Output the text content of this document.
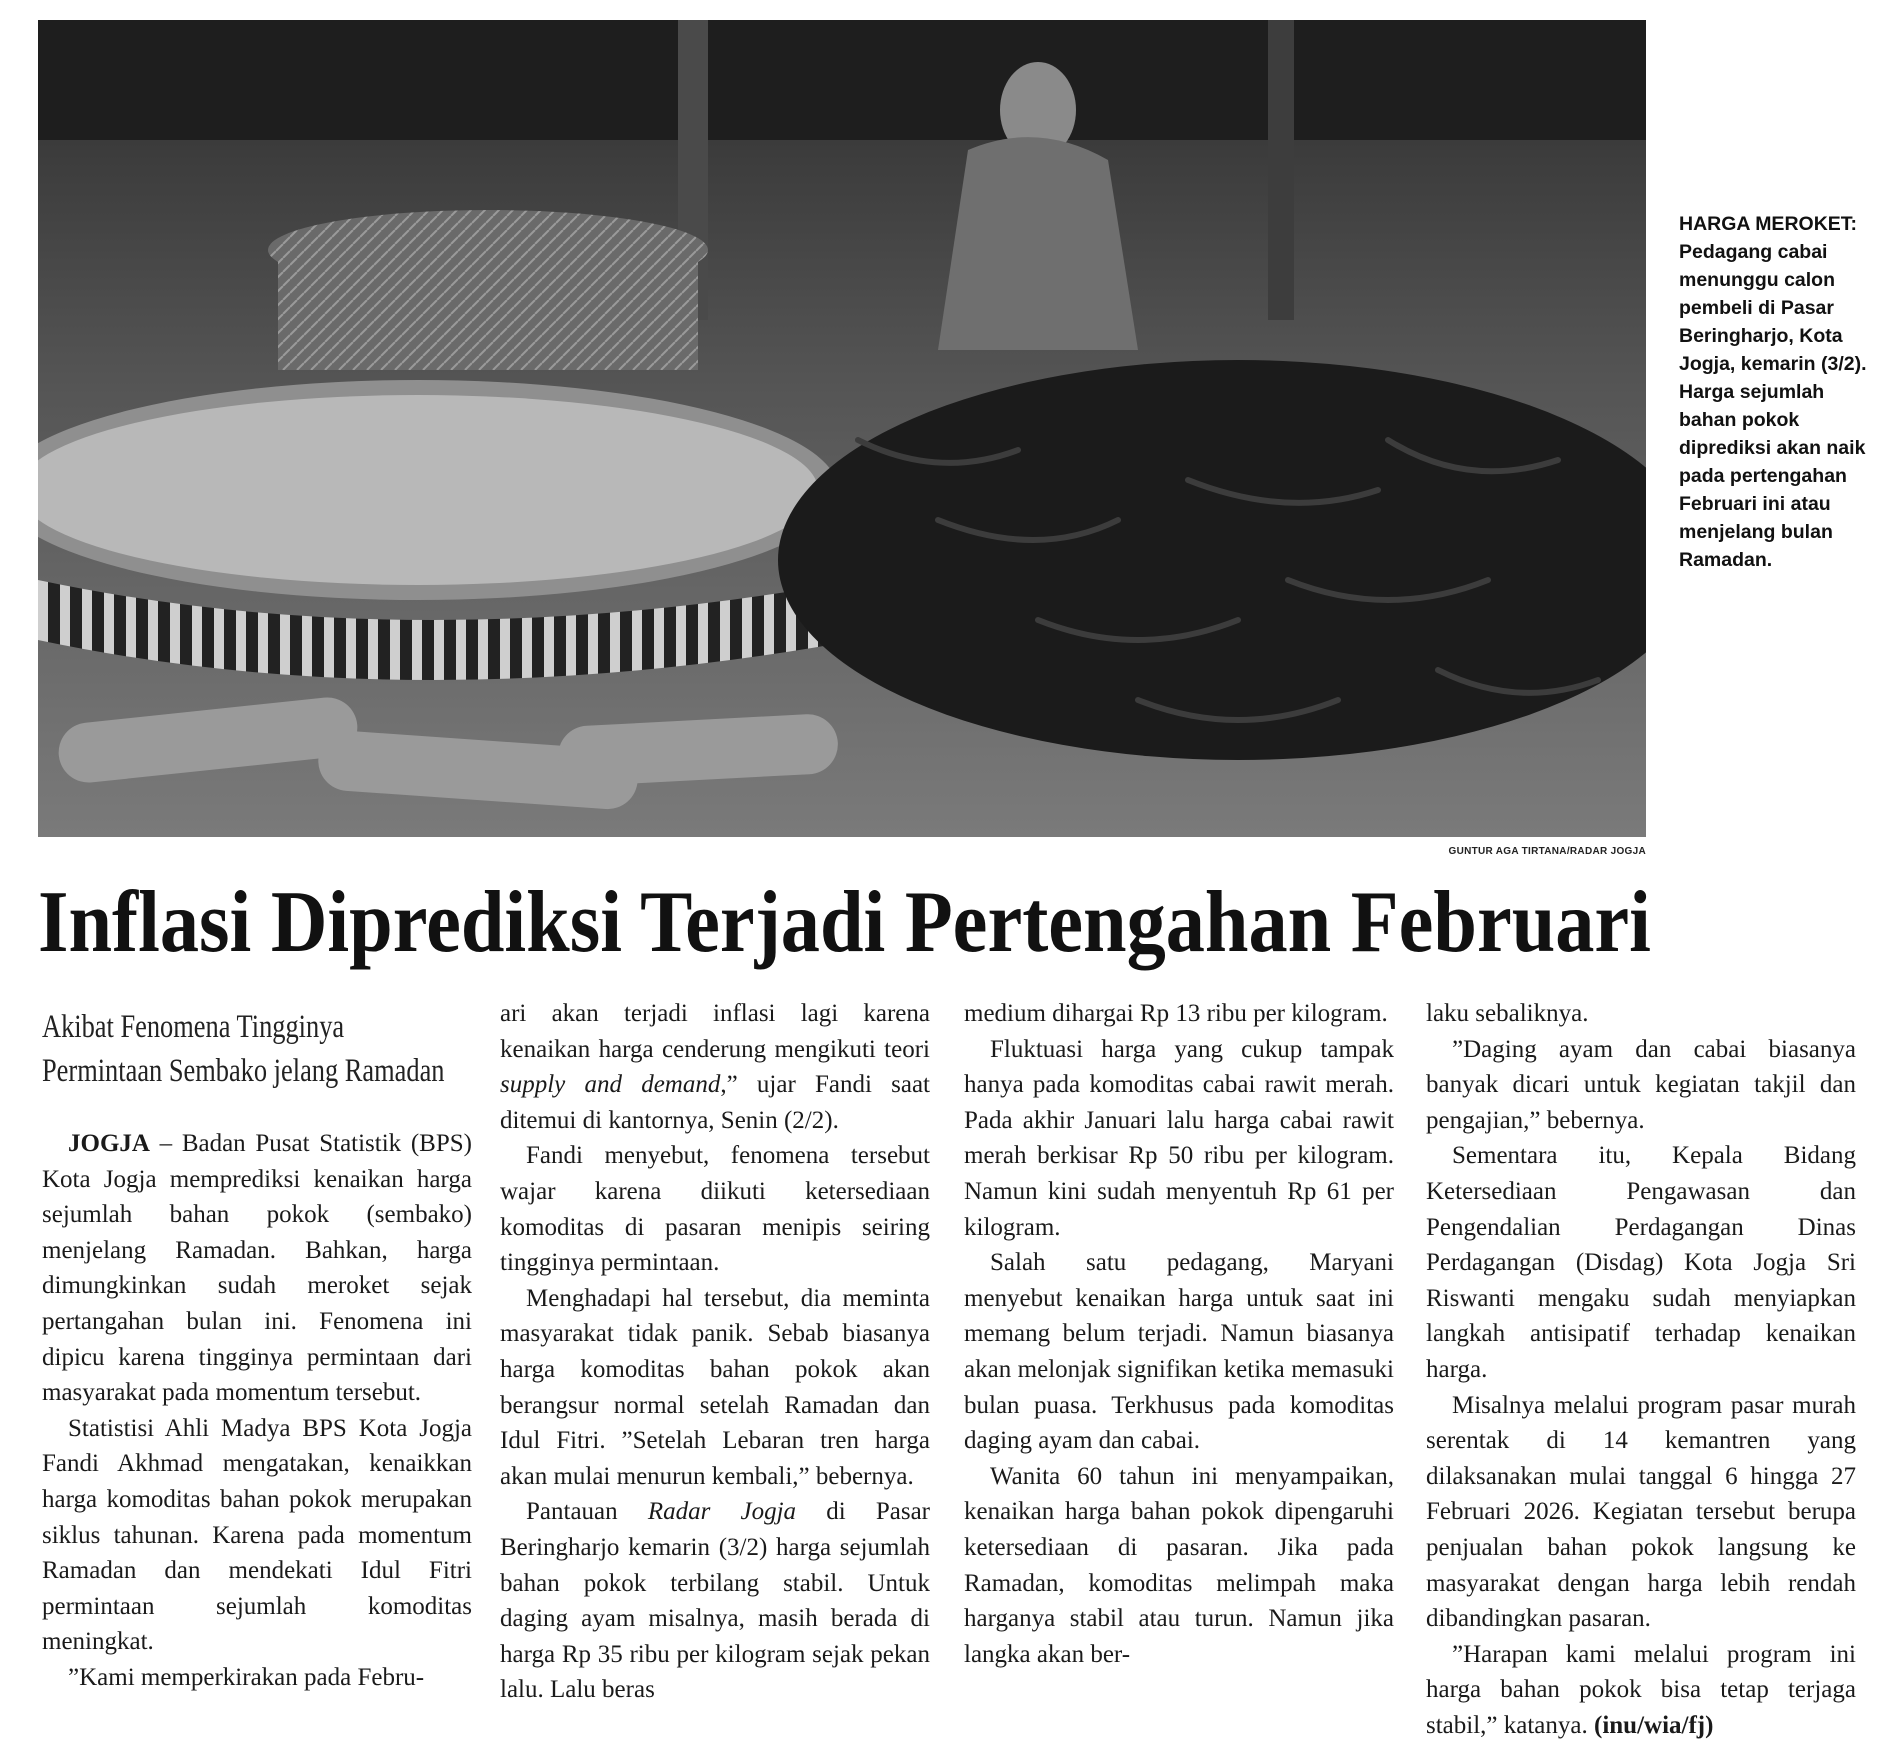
HARGA MEROKET:
Pedagang cabai menunggu calon pembeli di Pasar Beringharjo, Kota Jogja, kemarin (3/2). Harga sejumlah bahan pokok diprediksi akan naik pada pertengahan Februari ini atau menjelang bulan Ramadan.
GUNTUR AGA TIRTANA/RADAR JOGJA
Inflasi Diprediksi Terjadi Pertengahan Februari
Akibat Fenomena Tingginya
Permintaan Sembako jelang Ramadan

JOGJA – Badan Pusat Statistik (BPS) Kota Jogja memprediksi kenaikan harga sejumlah bahan pokok (sembako) menjelang Ramadan. Bahkan, harga dimungkinkan sudah meroket sejak pertangahan bulan ini. Fenomena ini dipicu karena tingginya permintaan dari masyarakat pada momentum tersebut.

Statistisi Ahli Madya BPS Kota Jogja Fandi Akhmad mengatakan, kenaikkan harga komoditas bahan pokok merupakan siklus tahunan. Karena pada momentum Ramadan dan mendekati Idul Fitri permintaan sejumlah komoditas meningkat.

”Kami memperkirakan pada Febru-

ari akan terjadi inflasi lagi karena kenaikan harga cenderung mengikuti teori supply and demand,” ujar Fandi saat ditemui di kantornya, Senin (2/2).

Fandi menyebut, fenomena tersebut wajar karena diikuti ketersediaan komoditas di pasaran menipis seiring tingginya permintaan.

Menghadapi hal tersebut, dia meminta masyarakat tidak panik. Sebab biasanya harga komoditas bahan pokok akan berangsur normal setelah Ramadan dan Idul Fitri. ”Setelah Lebaran tren harga akan mulai menurun kembali,” bebernya.

Pantauan Radar Jogja di Pasar Beringharjo kemarin (3/2) harga sejumlah bahan pokok terbilang stabil. Untuk daging ayam misalnya, masih berada di harga Rp 35 ribu per kilogram sejak pekan lalu. Lalu beras

medium dihargai Rp 13 ribu per kilogram.

Fluktuasi harga yang cukup tampak hanya pada komoditas cabai rawit merah. Pada akhir Januari lalu harga cabai rawit merah berkisar Rp 50 ribu per kilogram. Namun kini sudah menyentuh Rp 61 per kilogram.

Salah satu pedagang, Maryani menyebut kenaikan harga untuk saat ini memang belum terjadi. Namun biasanya akan melonjak signifikan ketika memasuki bulan puasa. Terkhusus pada komoditas daging ayam dan cabai.

Wanita 60 tahun ini menyampaikan, kenaikan harga bahan pokok dipengaruhi ketersediaan di pasaran. Jika pada Ramadan, komoditas melimpah maka harganya stabil atau turun. Namun jika langka akan ber-

laku sebaliknya.

”Daging ayam dan cabai biasanya banyak dicari untuk kegiatan takjil dan pengajian,” bebernya.

Sementara itu, Kepala Bidang Ketersediaan Pengawasan dan Pengendalian Perdagangan Dinas Perdagangan (Disdag) Kota Jogja Sri Riswanti mengaku sudah menyiapkan langkah antisipatif terhadap kenaikan harga.

Misalnya melalui program pasar murah serentak di 14 kemantren yang dilaksanakan mulai tanggal 6 hingga 27 Februari 2026. Kegiatan tersebut berupa penjualan bahan pokok langsung ke masyarakat dengan harga lebih rendah dibandingkan pasaran.

”Harapan kami melalui program ini harga bahan pokok bisa tetap terjaga stabil,” katanya. (inu/wia/fj)
